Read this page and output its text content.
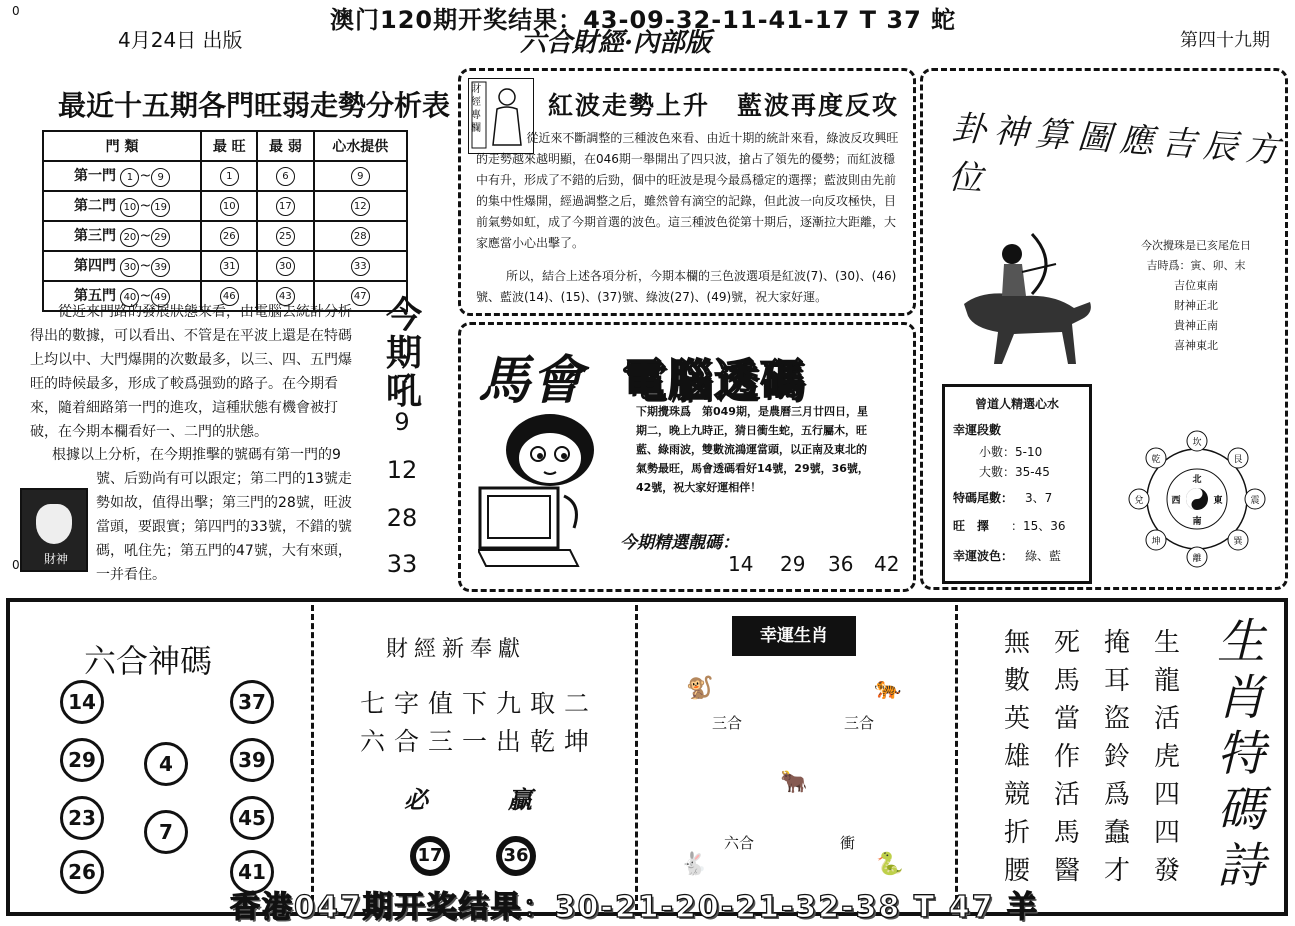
0	澳门120期开奖结果：43-09-32-11-41-17 T 37 蛇
4月24日 出版	六合財經·內部版	第四十九期
最近十五期各門旺弱走勢分析表
門 類	最 旺	最 弱	心水提供
第一門 1 ~ 9	1	6	9
第二門 10 ~ 19	10	17	12
第三門 20 ~ 29	26	25	28
第四門 30 ~ 39	31	30	33
第五門 40 ~ 49	46	43	47
從近來門路的發展狀態來看，由電腦去統計分析得出的數據，可以看出、不管是在平波上還是在特碼上均以中、大門爆開的次數最多，以三、四、五門爆旺的時候最多，形成了較爲强勁的路子。在今期看來，隨着細路第一門的進攻，這種狀態有機會被打破，在今期本欄看好一、二門的狀態。
根據以上分析，在今期推擊的號碼有第一門的9
號、后勁尚有可以跟定；第二門的13號走勢如故，值得出擊；第三門的28號，旺波當頭，要跟實；第四門的33號，不錯的號碼，吼住先；第五門的47號，大有來頭，一并看住。
財神
0
今期吼
9
12
28
33
財經專欄
紅波走勢上升　藍波再度反攻
從近來不斷調整的三種波色來看、由近十期的統計來看，綠波反攻興旺的走勢越來越明顯，在046期一舉開出了四只波，搶占了領先的優勢；而紅波穩中有升，形成了不錯的后勁，個中的旺波是現今最爲穩定的選擇；藍波則由先前的集中性爆開，經過調整之后，雖然曾有滴空的記錄，但此波一向反攻極快，目前氣勢如虹，成了今期首選的波色。這三種波色從第十期后，逐漸拉大距離，大家應當小心出擊了。
所以，結合上述各項分析，今期本欄的三色波選項是紅波(7)、(30)、(46)號、藍波(14)、(15)、(37)號、綠波(27)、(49)號，祝大家好運。
馬會 電腦透碼
下期攪珠爲　第049期，是農曆三月廿四日，星期二，晚上九時正，猜日衝生蛇，五行屬木，旺藍、綠雨波，雙數流鴻運當頭，以正南及東北的氣勢最旺，馬會透碼看好14號，29號，36號，42號，祝大家好運相伴！
今期精選靚碼：
14 29 36 42
卦神算圖應吉辰方位
今次攪珠是已亥尾危日
吉時爲：寅、卯、末
吉位東南
財神正北
貴神正南
喜神東北
曾道人精選心水
幸運段數
小數：5-10
大數：35-45
特碼尾數： 3、7
旺　擇 ：15、36
幸運波色： 綠、藍
坎
艮
震
巽
離
坤
兌
乾
北
東
南
西
六合神碼
14	37
29	4	39
23
7
45
26	41
財經新奉獻
七字值下九取二
六合三一出乾坤
必	贏
17	36
幸運生肖
🐒	🐅
🐂
🐇	🐍
三合	三合
六合	衝
生龍活虎四四發
掩耳盜鈴爲蠢才
死馬當作活馬醫
無數英雄競折腰
生肖特碼詩
香港047期开奖结果：30-21-20-21-32-38 T 47 羊
